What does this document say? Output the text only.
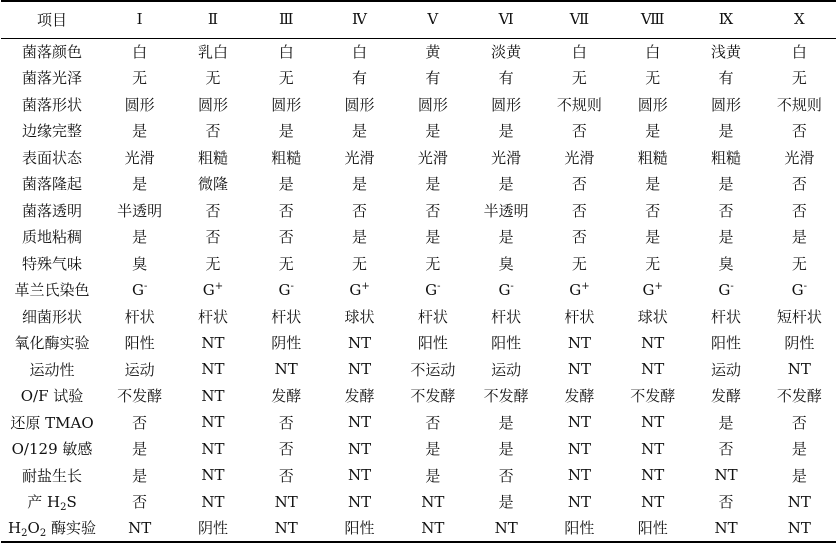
项目	Ⅰ	Ⅱ	Ⅲ	Ⅳ	Ⅴ	Ⅵ	Ⅶ	Ⅷ	Ⅸ	Ⅹ
菌落颜色	白	乳白	白	白	黄	淡黄	白	白	浅黄	白
菌落光泽	无	无	无	有	有	有	无	无	有	无
菌落形状	圆形	圆形	圆形	圆形	圆形	圆形	不规则	圆形	圆形	不规则
边缘完整	是	否	是	是	是	是	否	是	是	否
表面状态	光滑	粗糙	粗糙	光滑	光滑	光滑	光滑	粗糙	粗糙	光滑
菌落隆起	是	微隆	是	是	是	是	否	是	是	否
菌落透明	半透明	否	否	否	否	半透明	否	否	否	否
质地粘稠	是	否	否	是	是	是	否	是	是	是
特殊气味	臭	无	无	无	无	臭	无	无	臭	无
革兰氏染色	G-	G+	G-	G+	G-	G-	G+	G+	G-	G-
细菌形状	杆状	杆状	杆状	球状	杆状	杆状	杆状	球状	杆状	短杆状
氧化酶实验	阳性	NT	阴性	NT	阳性	阳性	NT	NT	阳性	阴性
运动性	运动	NT	NT	NT	不运动	运动	NT	NT	运动	NT
O/F 试验	不发酵	NT	发酵	发酵	不发酵	不发酵	发酵	不发酵	发酵	不发酵
还原 TMAO	否	NT	否	NT	否	是	NT	NT	是	否
O/129 敏感	是	NT	否	NT	是	是	NT	NT	否	是
耐盐生长	是	NT	否	NT	是	否	NT	NT	NT	是
产 $H_2S$	否	NT	NT	NT	NT	是	NT	NT	否	NT
$H_2O_2$ 酶实验	NT	阴性	NT	阳性	NT	NT	阳性	阳性	NT	NT
